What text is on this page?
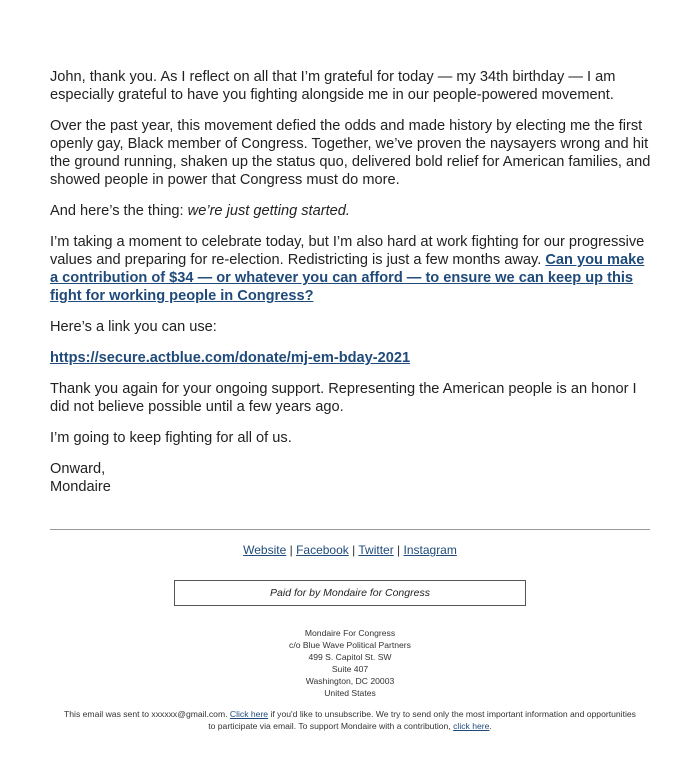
John, thank you. As I reflect on all that I’m grateful for today — my 34th birthday — I am especially grateful to have you fighting alongside me in our people-powered movement.

Over the past year, this movement defied the odds and made history by electing me the first openly gay, Black member of Congress. Together, we’ve proven the naysayers wrong and hit the ground running, shaken up the status quo, delivered bold relief for American families, and showed people in power that Congress must do more.

And here’s the thing: we’re just getting started.

I’m taking a moment to celebrate today, but I’m also hard at work fighting for our progressive values and preparing for re-election. Redistricting is just a few months away. Can you make a contribution of $34 — or whatever you can afford — to ensure we can keep up this fight for working people in Congress?

Here’s a link you can use:

https://secure.actblue.com/donate/mj-em-bday-2021

Thank you again for your ongoing support. Representing the American people is an honor I did not believe possible until a few years ago.

I’m going to keep fighting for all of us.

Onward,
Mondaire

Website | Facebook | Twitter | Instagram
Paid for by Mondaire for Congress
Mondaire For Congress
c/o Blue Wave Political Partners
499 S. Capitol St. SW
Suite 407
Washington, DC 20003
United States
This email was sent to xxxxxx@gmail.com. Click here if you'd like to unsubscribe. We try to send only the most important information and opportunities to participate via email. To support Mondaire with a contribution, click here.
